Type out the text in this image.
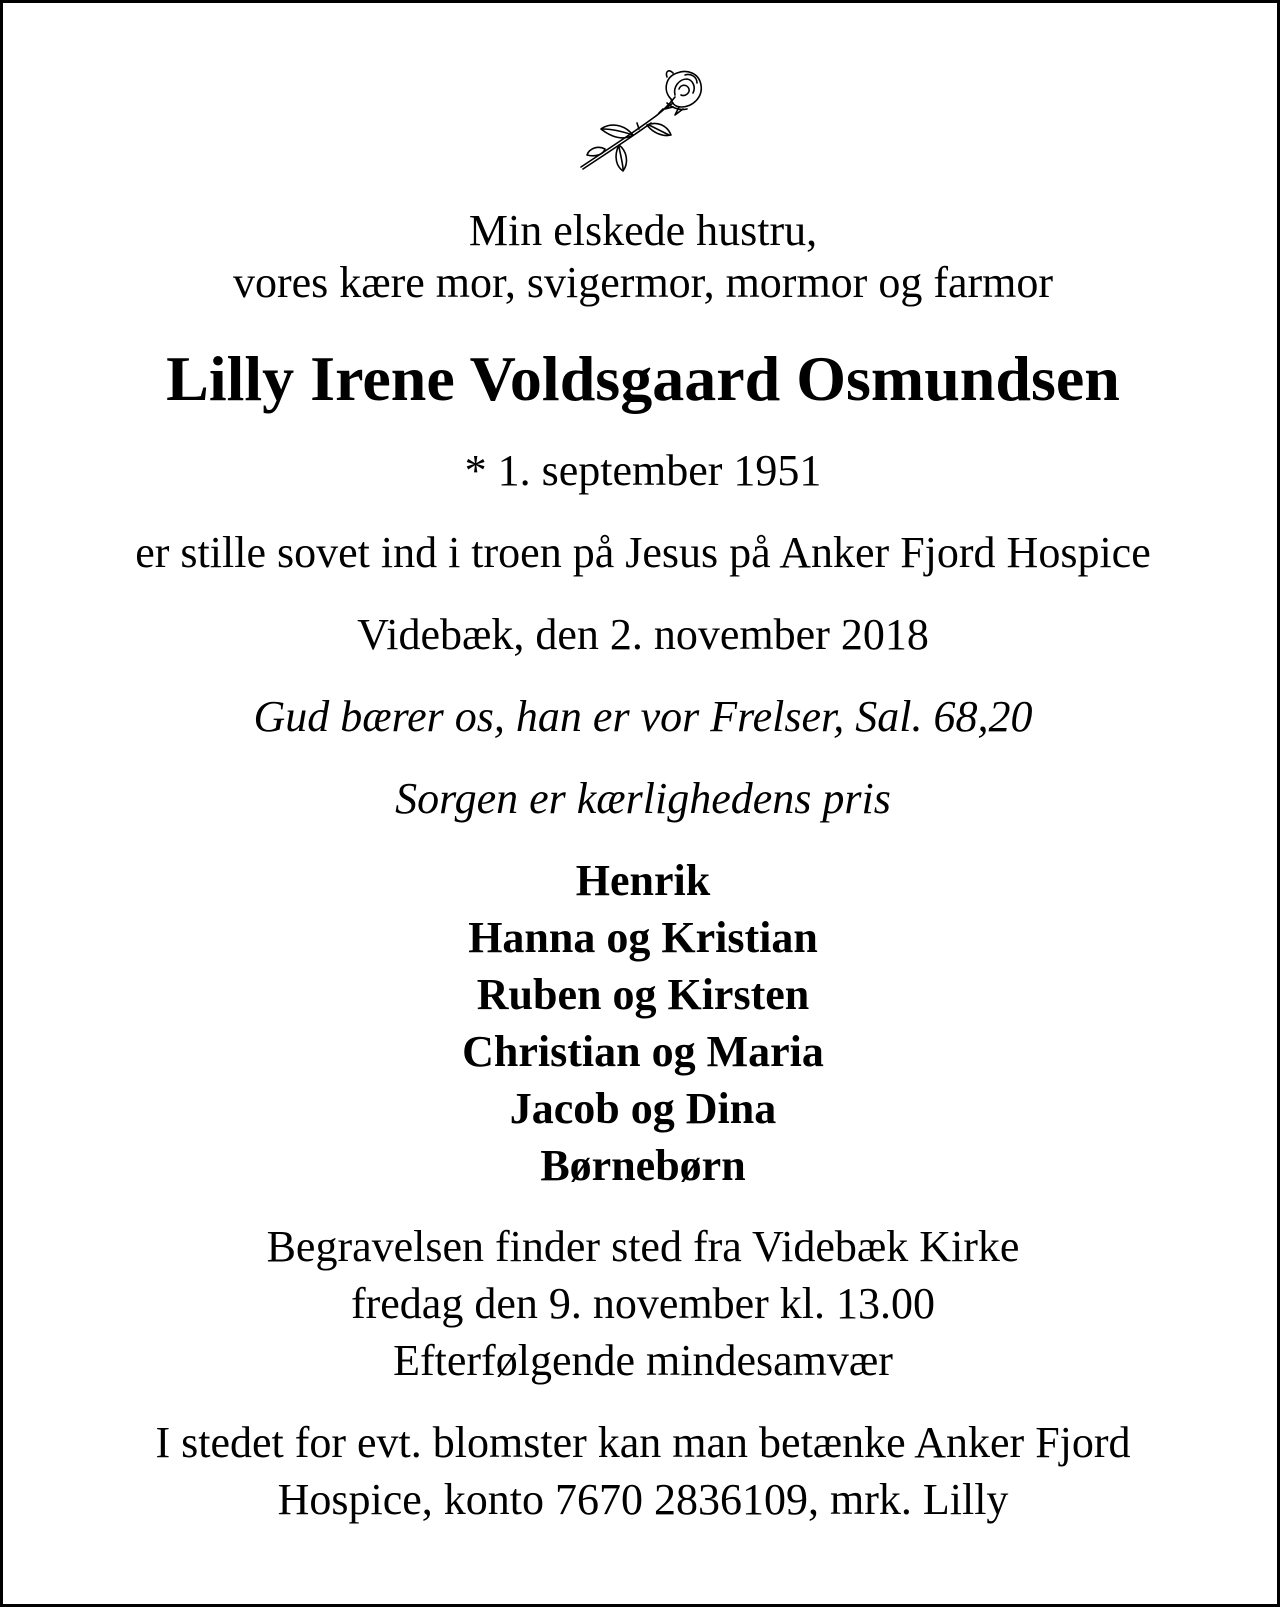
Min elskede hustru,
vores kære mor, svigermor, mormor og farmor
Lilly Irene Voldsgaard Osmundsen
* 1. september 1951
er stille sovet ind i troen på Jesus på Anker Fjord Hospice
Videbæk, den 2. november 2018
Gud bærer os, han er vor Frelser, Sal. 68,20
Sorgen er kærlighedens pris
Henrik
Hanna og Kristian
Ruben og Kirsten
Christian og Maria
Jacob og Dina
Børnebørn
Begravelsen finder sted fra Videbæk Kirke
fredag den 9. november kl. 13.00
Efterfølgende mindesamvær
I stedet for evt. blomster kan man betænke Anker Fjord
Hospice, konto 7670 2836109, mrk. Lilly
